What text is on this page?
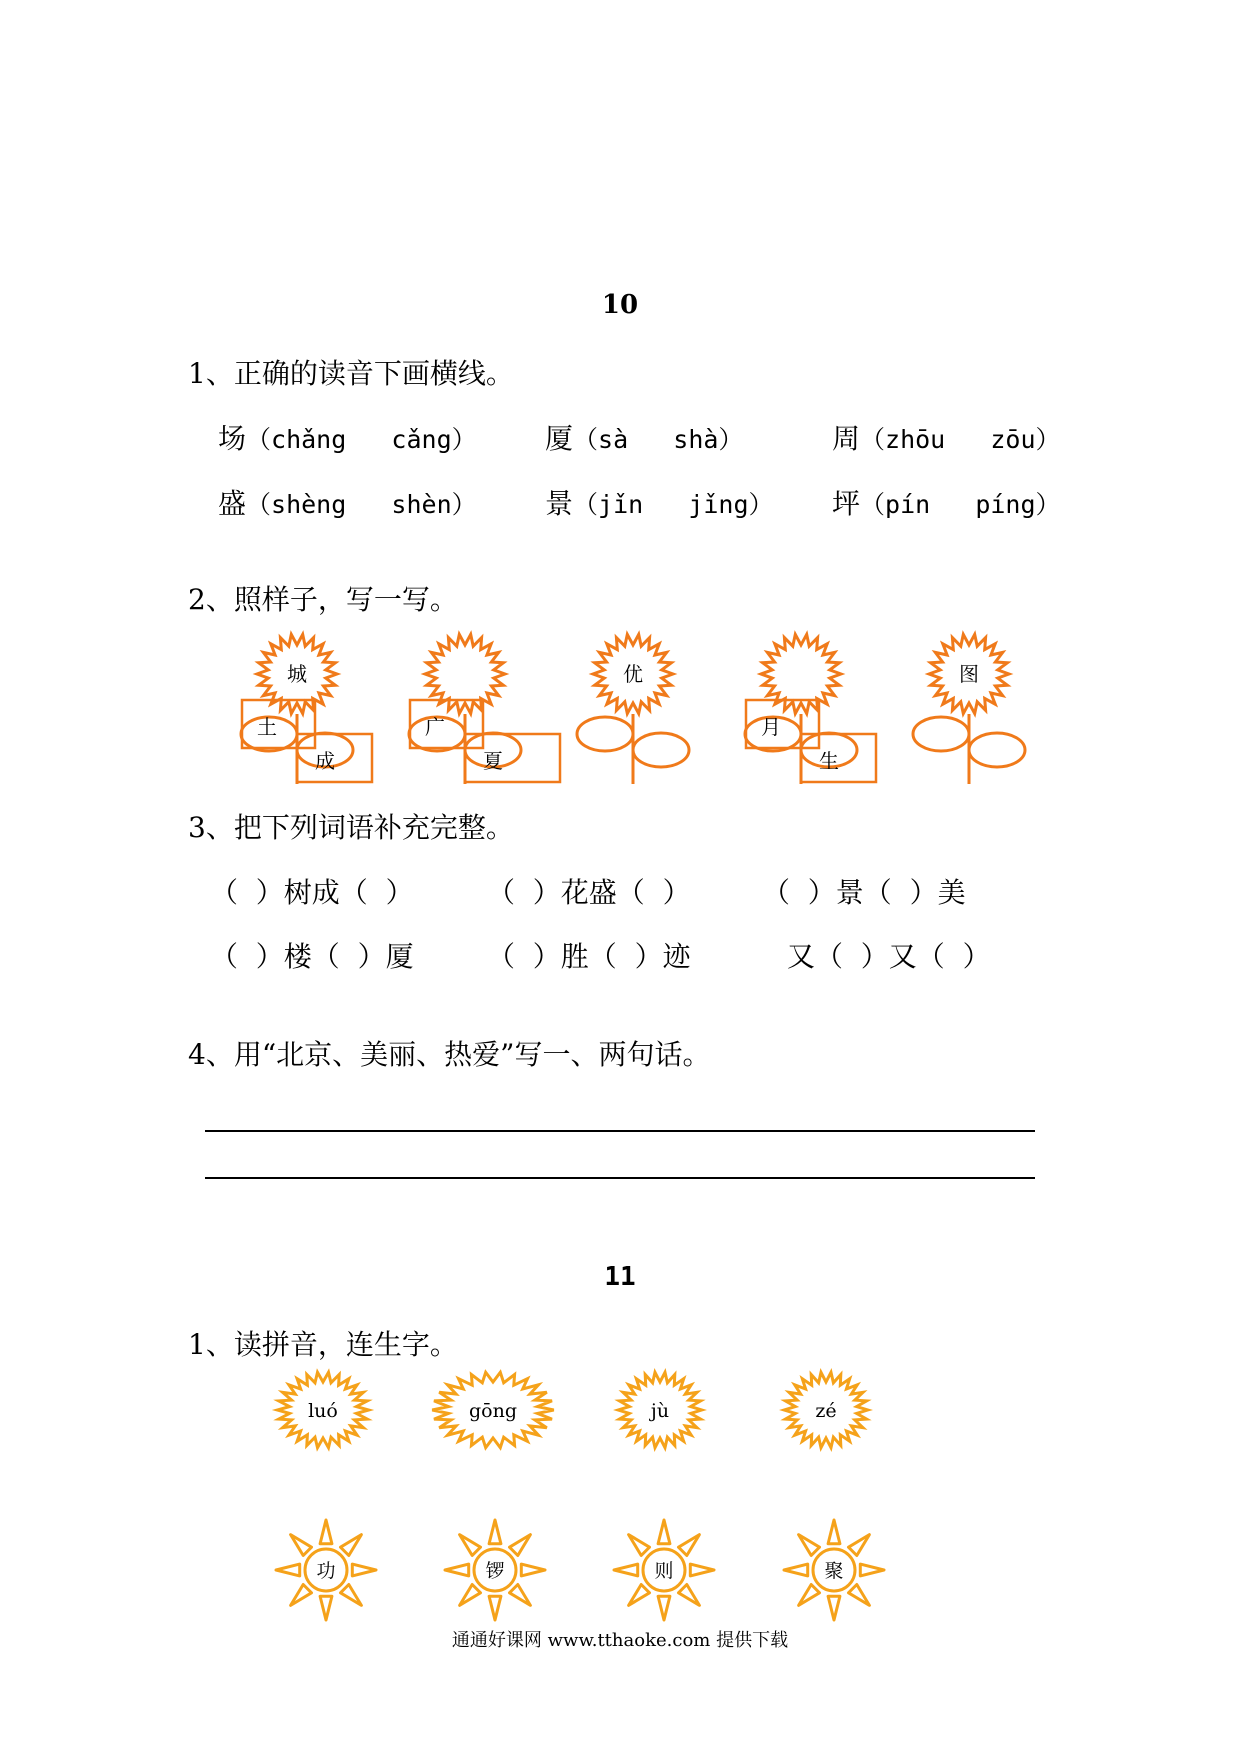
10
1、正确的读音下画横线。
场（chǎng   cǎng） 厦（sà   shà）	周（zhōu   zōu）
盛（shèng   shèn） 景（jǐn   jǐng） 坪（pín   píng）
2、照样子，写一写。
土
成
城
广
夏
优
月
生
图
luó	gōng	jù	zé
功	锣	则	聚
3、把下列词语补充完整。
（  ）树成（  ）	（  ）花盛（  ）	（  ）景（  ）美
（  ）楼（  ）厦	（  ）胜（  ）迹	又（  ）又（  ）
4、用“北京、美丽、热爱”写一、两句话。
11
1、读拼音，连生字。
通通好课网 www.tthaoke.com 提供下载
